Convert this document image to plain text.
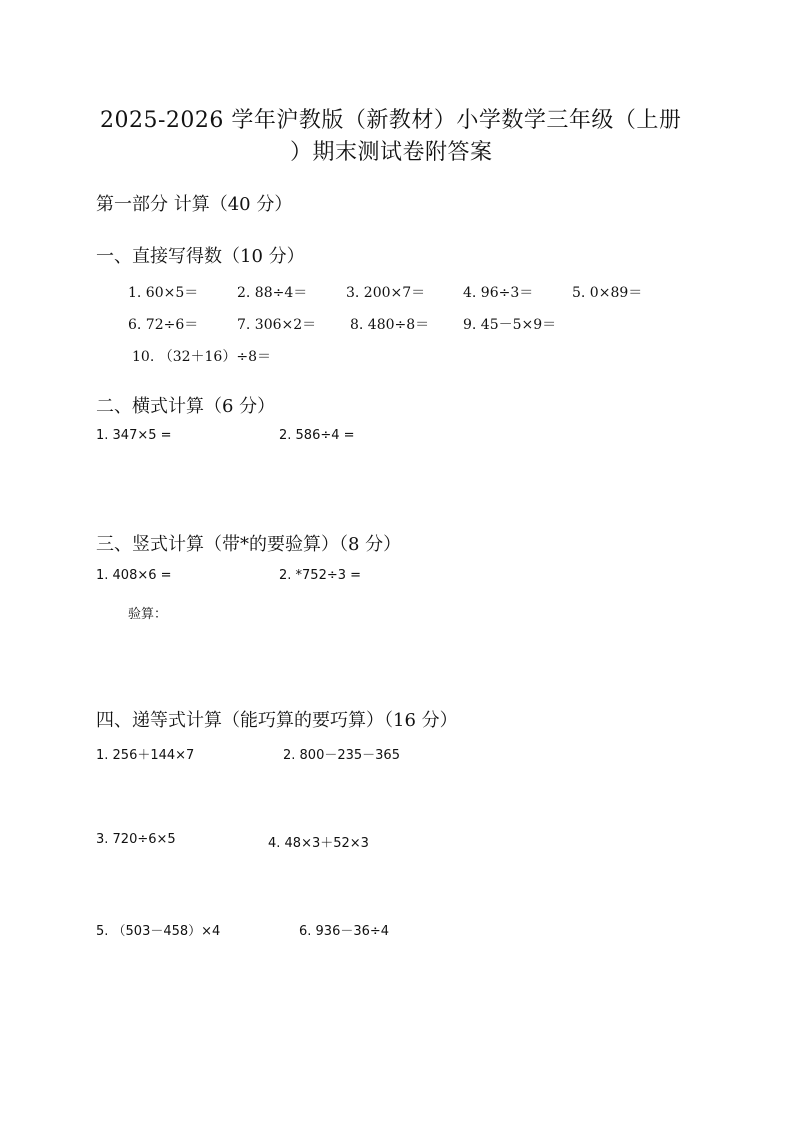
2025-2026 学年沪教版（新教材）小学数学三年级（上册
）期末测试卷附答案
第一部分 计算（40 分）
一、直接写得数（10 分）
1. 60×5＝	2. 88÷4＝	3. 200×7＝	4. 96÷3＝	5. 0×89＝
6. 72÷6＝	7. 306×2＝ 8. 480÷8＝ 9. 45－5×9＝
10. （32＋16）÷8＝
二、横式计算（6 分）
1. 347×5 =	2. 586÷4 =
三、竖式计算（带*的要验算）（8 分）
1. 408×6 =	2. *752÷3 =
验算：
四、递等式计算（能巧算的要巧算）（16 分）
1. 256＋144×7	2. 800－235－365
3. 720÷6×5	4. 48×3＋52×3
5. （503－458）×4	6. 936－36÷4
